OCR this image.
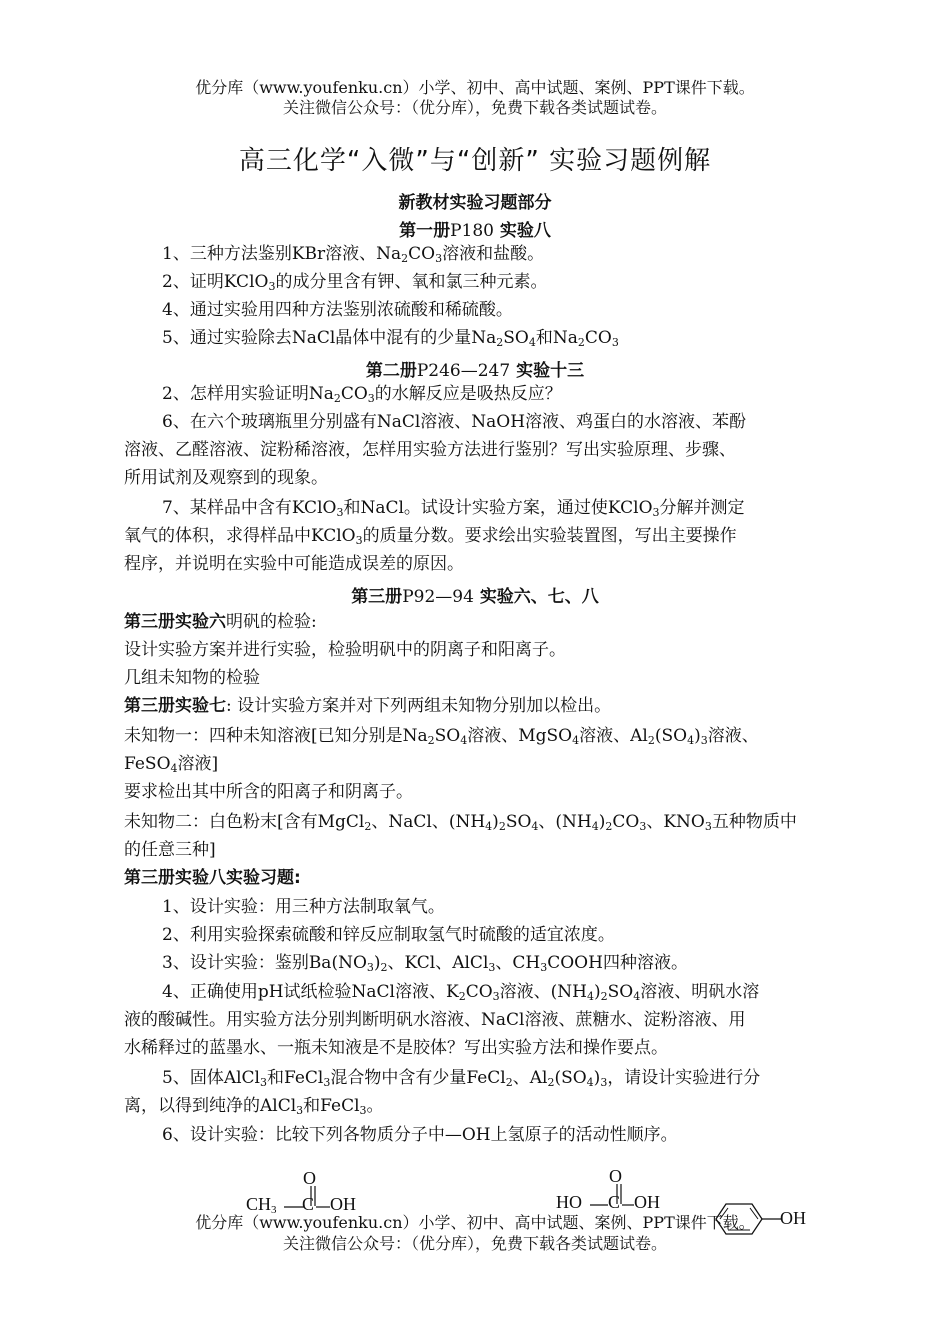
优分库（www.youfenku.cn）小学、初中、高中试题、案例、PPT课件下载。
关注微信公众号：（优分库），免费下载各类试题试卷。
高三化学“入微”与“创新” 实验习题例解
新教材实验习题部分
第一册P180 实验八
1、三种方法鉴别KBr溶液、$Na_2CO_3$溶液和盐酸。
2、证明KClO$_3$的成分里含有钾、氧和氯三种元素。
4、通过实验用四种方法鉴别浓硫酸和稀硫酸。
5、通过实验除去NaCl晶体中混有的少量$Na_2SO_4$和$Na_2CO_3$
第二册P246—247 实验十三
2、怎样用实验证明$Na_2CO_3$的水解反应是吸热反应？
6、在六个玻璃瓶里分别盛有NaCl溶液、NaOH溶液、鸡蛋白的水溶液、苯酚
溶液、乙醛溶液、淀粉稀溶液，怎样用实验方法进行鉴别？写出实验原理、步骤、
所用试剂及观察到的现象。
7、某样品中含有KClO$_3$和NaCl。试设计实验方案，通过使KClO$_3$分解并测定
氧气的体积，求得样品中KClO$_3$的质量分数。要求绘出实验装置图，写出主要操作
程序，并说明在实验中可能造成误差的原因。
第三册P92—94 实验六、七、八
第三册实验六明矾的检验:
设计实验方案并进行实验，检验明矾中的阴离子和阳离子。
几组未知物的检验
第三册实验七: 设计实验方案并对下列两组未知物分别加以检出。
未知物一：四种未知溶液[已知分别是$Na_2SO_4$溶液、MgSO$_4$溶液、$Al_2(SO_4)_3$溶液、
FeSO$_4$溶液]
要求检出其中所含的阳离子和阴离子。
未知物二：白色粉末[含有MgCl$_2$、NaCl、$(NH_4)_2SO_4$、$(NH_4)_2CO_3$、$KNO_3$五种物质中
的任意三种]
第三册实验八实验习题:
1、设计实验：用三种方法制取氧气。
2、利用实验探索硫酸和锌反应制取氢气时硫酸的适宜浓度。
3、设计实验：鉴别$Ba(NO_3)_2$、KCl、AlCl$_3$、$CH_3COOH$四种溶液。
4、正确使用pH试纸检验NaCl溶液、$K_2CO_3$溶液、$(NH_4)_2SO_4$溶液、明矾水溶
液的酸碱性。用实验方法分别判断明矾水溶液、NaCl溶液、蔗糖水、淀粉溶液、用
水稀释过的蓝墨水、一瓶未知液是不是胶体？写出实验方法和操作要点。
5、固体AlCl$_3$和FeCl$_3$混合物中含有少量FeCl$_2$、$Al_2(SO_4)_3$，请设计实验进行分
离，以得到纯净的AlCl$_3$和FeCl$_3$。
6、设计实验：比较下列各物质分子中—OH上氢原子的活动性顺序。
O
$CH_3$ C OH
O
HO C OH
OH
优分库（www.youfenku.cn）小学、初中、高中试题、案例、PPT课件下载。
关注微信公众号：（优分库），免费下载各类试题试卷。
